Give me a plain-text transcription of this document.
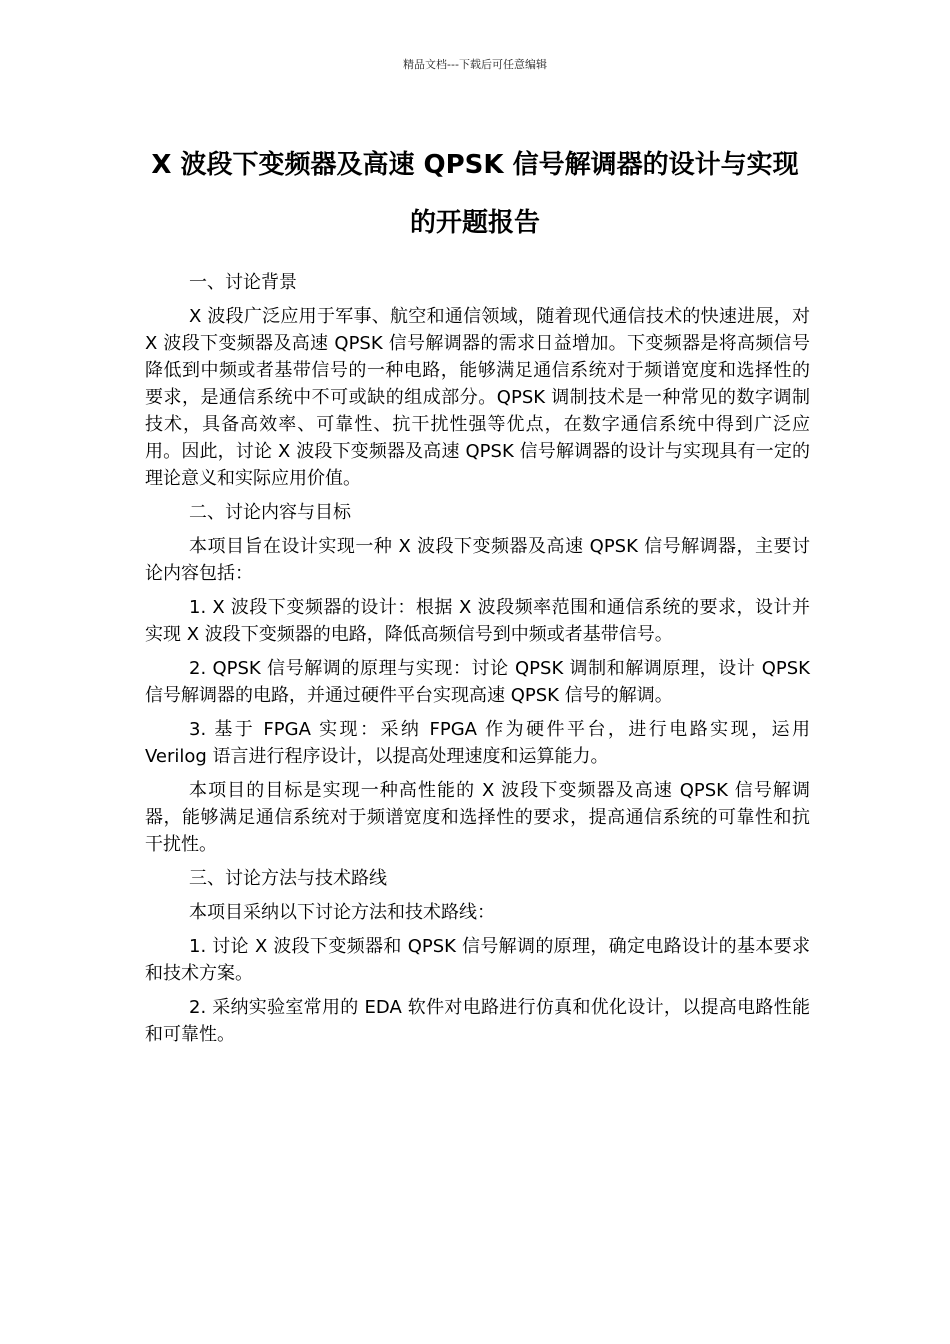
精品文档---下载后可任意编辑
X 波段下变频器及高速 QPSK 信号解调器的设计与实现的开题报告

一、讨论背景

X 波段广泛应用于军事、航空和通信领域，随着现代通信技术的快速进展，对 X 波段下变频器及高速 QPSK 信号解调器的需求日益增加。下变频器是将高频信号降低到中频或者基带信号的一种电路，能够满足通信系统对于频谱宽度和选择性的要求，是通信系统中不可或缺的组成部分。QPSK 调制技术是一种常见的数字调制技术，具备高效率、可靠性、抗干扰性强等优点，在数字通信系统中得到广泛应用。因此，讨论 X 波段下变频器及高速 QPSK 信号解调器的设计与实现具有一定的理论意义和实际应用价值。

二、讨论内容与目标

本项目旨在设计实现一种 X 波段下变频器及高速 QPSK 信号解调器，主要讨论内容包括：

1. X 波段下变频器的设计：根据 X 波段频率范围和通信系统的要求，设计并实现 X 波段下变频器的电路，降低高频信号到中频或者基带信号。

2. QPSK 信号解调的原理与实现：讨论 QPSK 调制和解调原理，设计 QPSK 信号解调器的电路，并通过硬件平台实现高速 QPSK 信号的解调。

3. 基于 FPGA 实现：采纳 FPGA 作为硬件平台，进行电路实现，运用 Verilog 语言进行程序设计，以提高处理速度和运算能力。

本项目的目标是实现一种高性能的 X 波段下变频器及高速 QPSK 信号解调器，能够满足通信系统对于频谱宽度和选择性的要求，提高通信系统的可靠性和抗干扰性。

三、讨论方法与技术路线

本项目采纳以下讨论方法和技术路线：

1. 讨论 X 波段下变频器和 QPSK 信号解调的原理，确定电路设计的基本要求和技术方案。

2. 采纳实验室常用的 EDA 软件对电路进行仿真和优化设计，以提高电路性能和可靠性。
